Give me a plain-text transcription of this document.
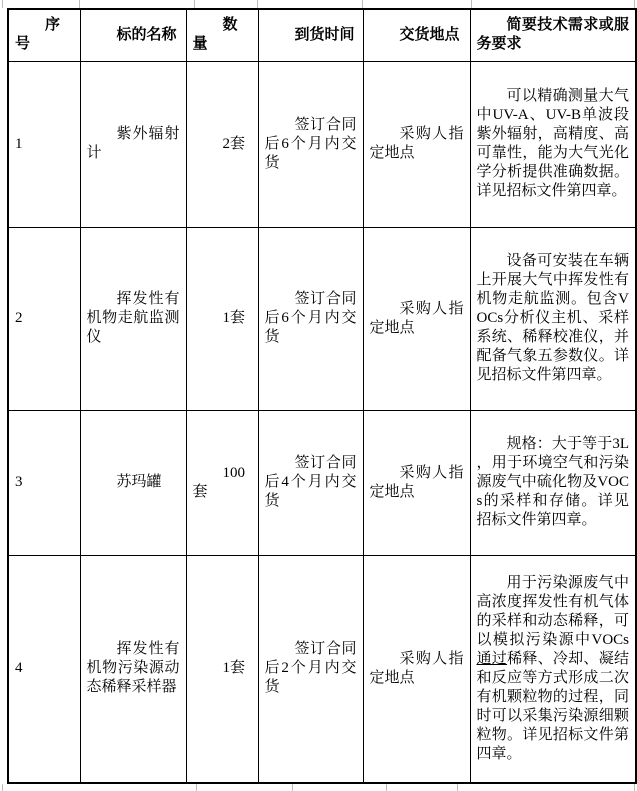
序号	标的名称	数量	到货时间	交货地点	简要技术需求或服务要求

1	紫外辐射计	2套	签订合同后6个月内交货	采购人指定地点	可以精确测量大气中UV-A、UV-B单波段紫外辐射，高精度、高可靠性，能为大气光化学分析提供准确数据。详见招标文件第四章。

2	挥发性有机物走航监测仪	1套	签订合同后6个月内交货	采购人指定地点	设备可安装在车辆上开展大气中挥发性有机物走航监测。包含VOCs分析仪主机、采样系统、稀释校准仪，并配备气象五参数仪。详见招标文件第四章。

3	苏玛罐	100套	签订合同后4个月内交货	采购人指定地点	规格：大于等于3L，用于环境空气和污染源废气中硫化物及VOCs的采样和存储。详见招标文件第四章。

4	挥发性有机物污染源动态稀释采样器	1套	签订合同后2个月内交货	采购人指定地点	用于污染源废气中高浓度挥发性有机气体的采样和动态稀释，可以模拟污染源中VOCs通过稀释、冷却、凝结和反应等方式形成二次有机颗粒物的过程，同时可以采集污染源细颗粒物。详见招标文件第四章。
